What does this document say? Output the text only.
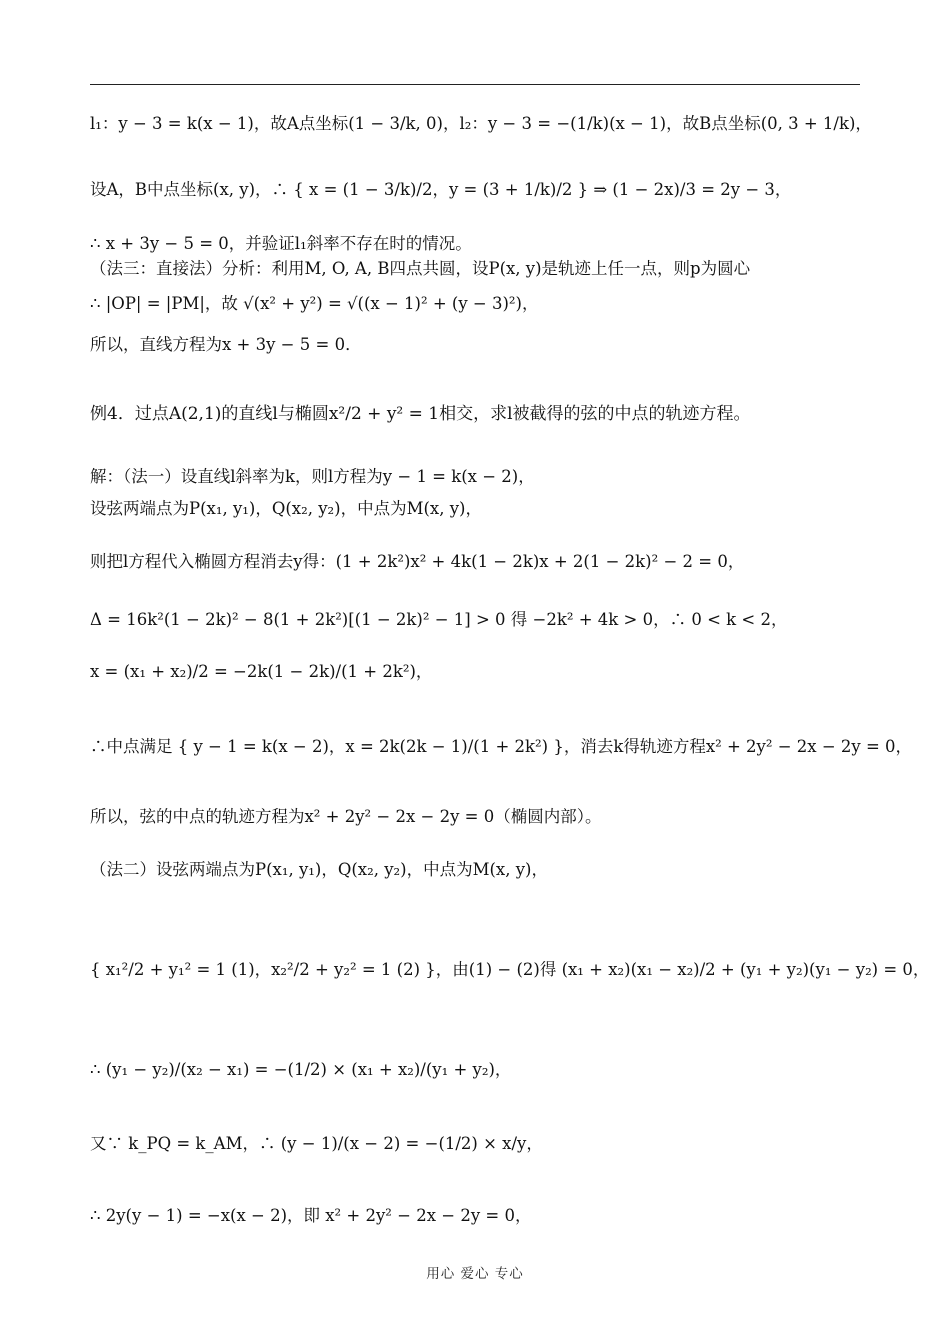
l₁：y − 3 = k(x − 1)，故A点坐标(1 − 3/k, 0)，l₂：y − 3 = −(1/k)(x − 1)，故B点坐标(0, 3 + 1/k)，
设A，B中点坐标(x, y)，∴ { x = (1 − 3/k)/2，y = (3 + 1/k)/2 } ⇒ (1 − 2x)/3 = 2y − 3，
∴ x + 3y − 5 = 0，并验证l₁斜率不存在时的情况。
（法三：直接法）分析：利用M, O, A, B四点共圆，设P(x, y)是轨迹上任一点，则p为圆心
∴ |OP| = |PM|，故 √(x² + y²) = √((x − 1)² + (y − 3)²)，
所以，直线方程为x + 3y − 5 = 0．
例4．过点A(2,1)的直线l与椭圆x²/2 + y² = 1相交，求l被截得的弦的中点的轨迹方程。
解：（法一）设直线l斜率为k，则l方程为y − 1 = k(x − 2)，
设弦两端点为P(x₁, y₁)，Q(x₂, y₂)，中点为M(x, y)，
则把l方程代入椭圆方程消去y得：(1 + 2k²)x² + 4k(1 − 2k)x + 2(1 − 2k)² − 2 = 0，
Δ = 16k²(1 − 2k)² − 8(1 + 2k²)[(1 − 2k)² − 1] > 0 得 −2k² + 4k > 0，∴ 0 < k < 2，
x = (x₁ + x₂)/2 = −2k(1 − 2k)/(1 + 2k²)，
∴中点满足 { y − 1 = k(x − 2)，x = 2k(2k − 1)/(1 + 2k²) }，消去k得轨迹方程x² + 2y² − 2x − 2y = 0，
所以，弦的中点的轨迹方程为x² + 2y² − 2x − 2y = 0（椭圆内部）。
（法二）设弦两端点为P(x₁, y₁)，Q(x₂, y₂)，中点为M(x, y)，
{ x₁²/2 + y₁² = 1 (1)，x₂²/2 + y₂² = 1 (2) }，由(1) − (2)得 (x₁ + x₂)(x₁ − x₂)/2 + (y₁ + y₂)(y₁ − y₂) = 0，
∴ (y₁ − y₂)/(x₂ − x₁) = −(1/2) × (x₁ + x₂)/(y₁ + y₂)，
又∵ k_PQ = k_AM，∴ (y − 1)/(x − 2) = −(1/2) × x/y，
∴ 2y(y − 1) = −x(x − 2)，即 x² + 2y² − 2x − 2y = 0，
用心 爱心 专心
